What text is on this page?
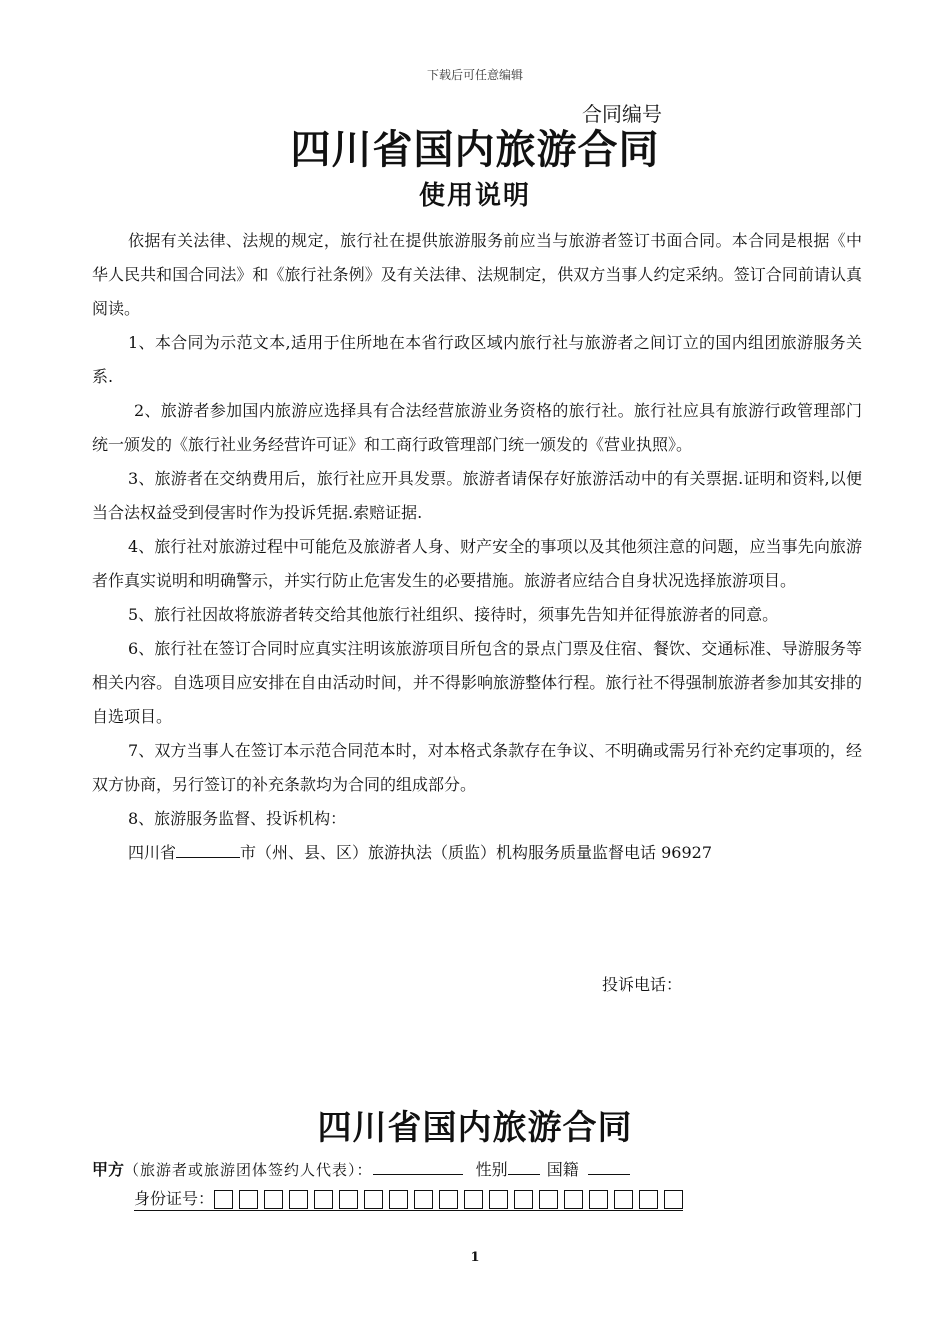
下载后可任意编辑
合同编号
四川省国内旅游合同
使用说明

依据有关法律、法规的规定，旅行社在提供旅游服务前应当与旅游者签订书面合同。本合同是根据《中华人民共和国合同法》和《旅行社条例》及有关法律、法规制定，供双方当事人约定采纳。签订合同前请认真阅读。

1、本合同为示范文本,适用于住所地在本省行政区域内旅行社与旅游者之间订立的国内组团旅游服务关系.

2、旅游者参加国内旅游应选择具有合法经营旅游业务资格的旅行社。旅行社应具有旅游行政管理部门统一颁发的《旅行社业务经营许可证》和工商行政管理部门统一颁发的《营业执照》。

3、旅游者在交纳费用后，旅行社应开具发票。旅游者请保存好旅游活动中的有关票据.证明和资料,以便当合法权益受到侵害时作为投诉凭据.索赔证据.

4、旅行社对旅游过程中可能危及旅游者人身、财产安全的事项以及其他须注意的问题，应当事先向旅游者作真实说明和明确警示，并实行防止危害发生的必要措施。旅游者应结合自身状况选择旅游项目。

5、旅行社因故将旅游者转交给其他旅行社组织、接待时，须事先告知并征得旅游者的同意。

6、旅行社在签订合同时应真实注明该旅游项目所包含的景点门票及住宿、餐饮、交通标准、导游服务等相关内容。自选项目应安排在自由活动时间，并不得影响旅游整体行程。旅行社不得强制旅游者参加其安排的自选项目。

7、双方当事人在签订本示范合同范本时，对本格式条款存在争议、不明确或需另行补充约定事项的，经双方协商，另行签订的补充条款均为合同的组成部分。

8、旅游服务监督、投诉机构：

四川省	市（州、县、区）旅游执法（质监）机构服务质量监督电话 96927

投诉电话：
四川省国内旅游合同
甲方（旅游者或旅游团体签约人代表）：	性别 国籍
身份证号：
1
